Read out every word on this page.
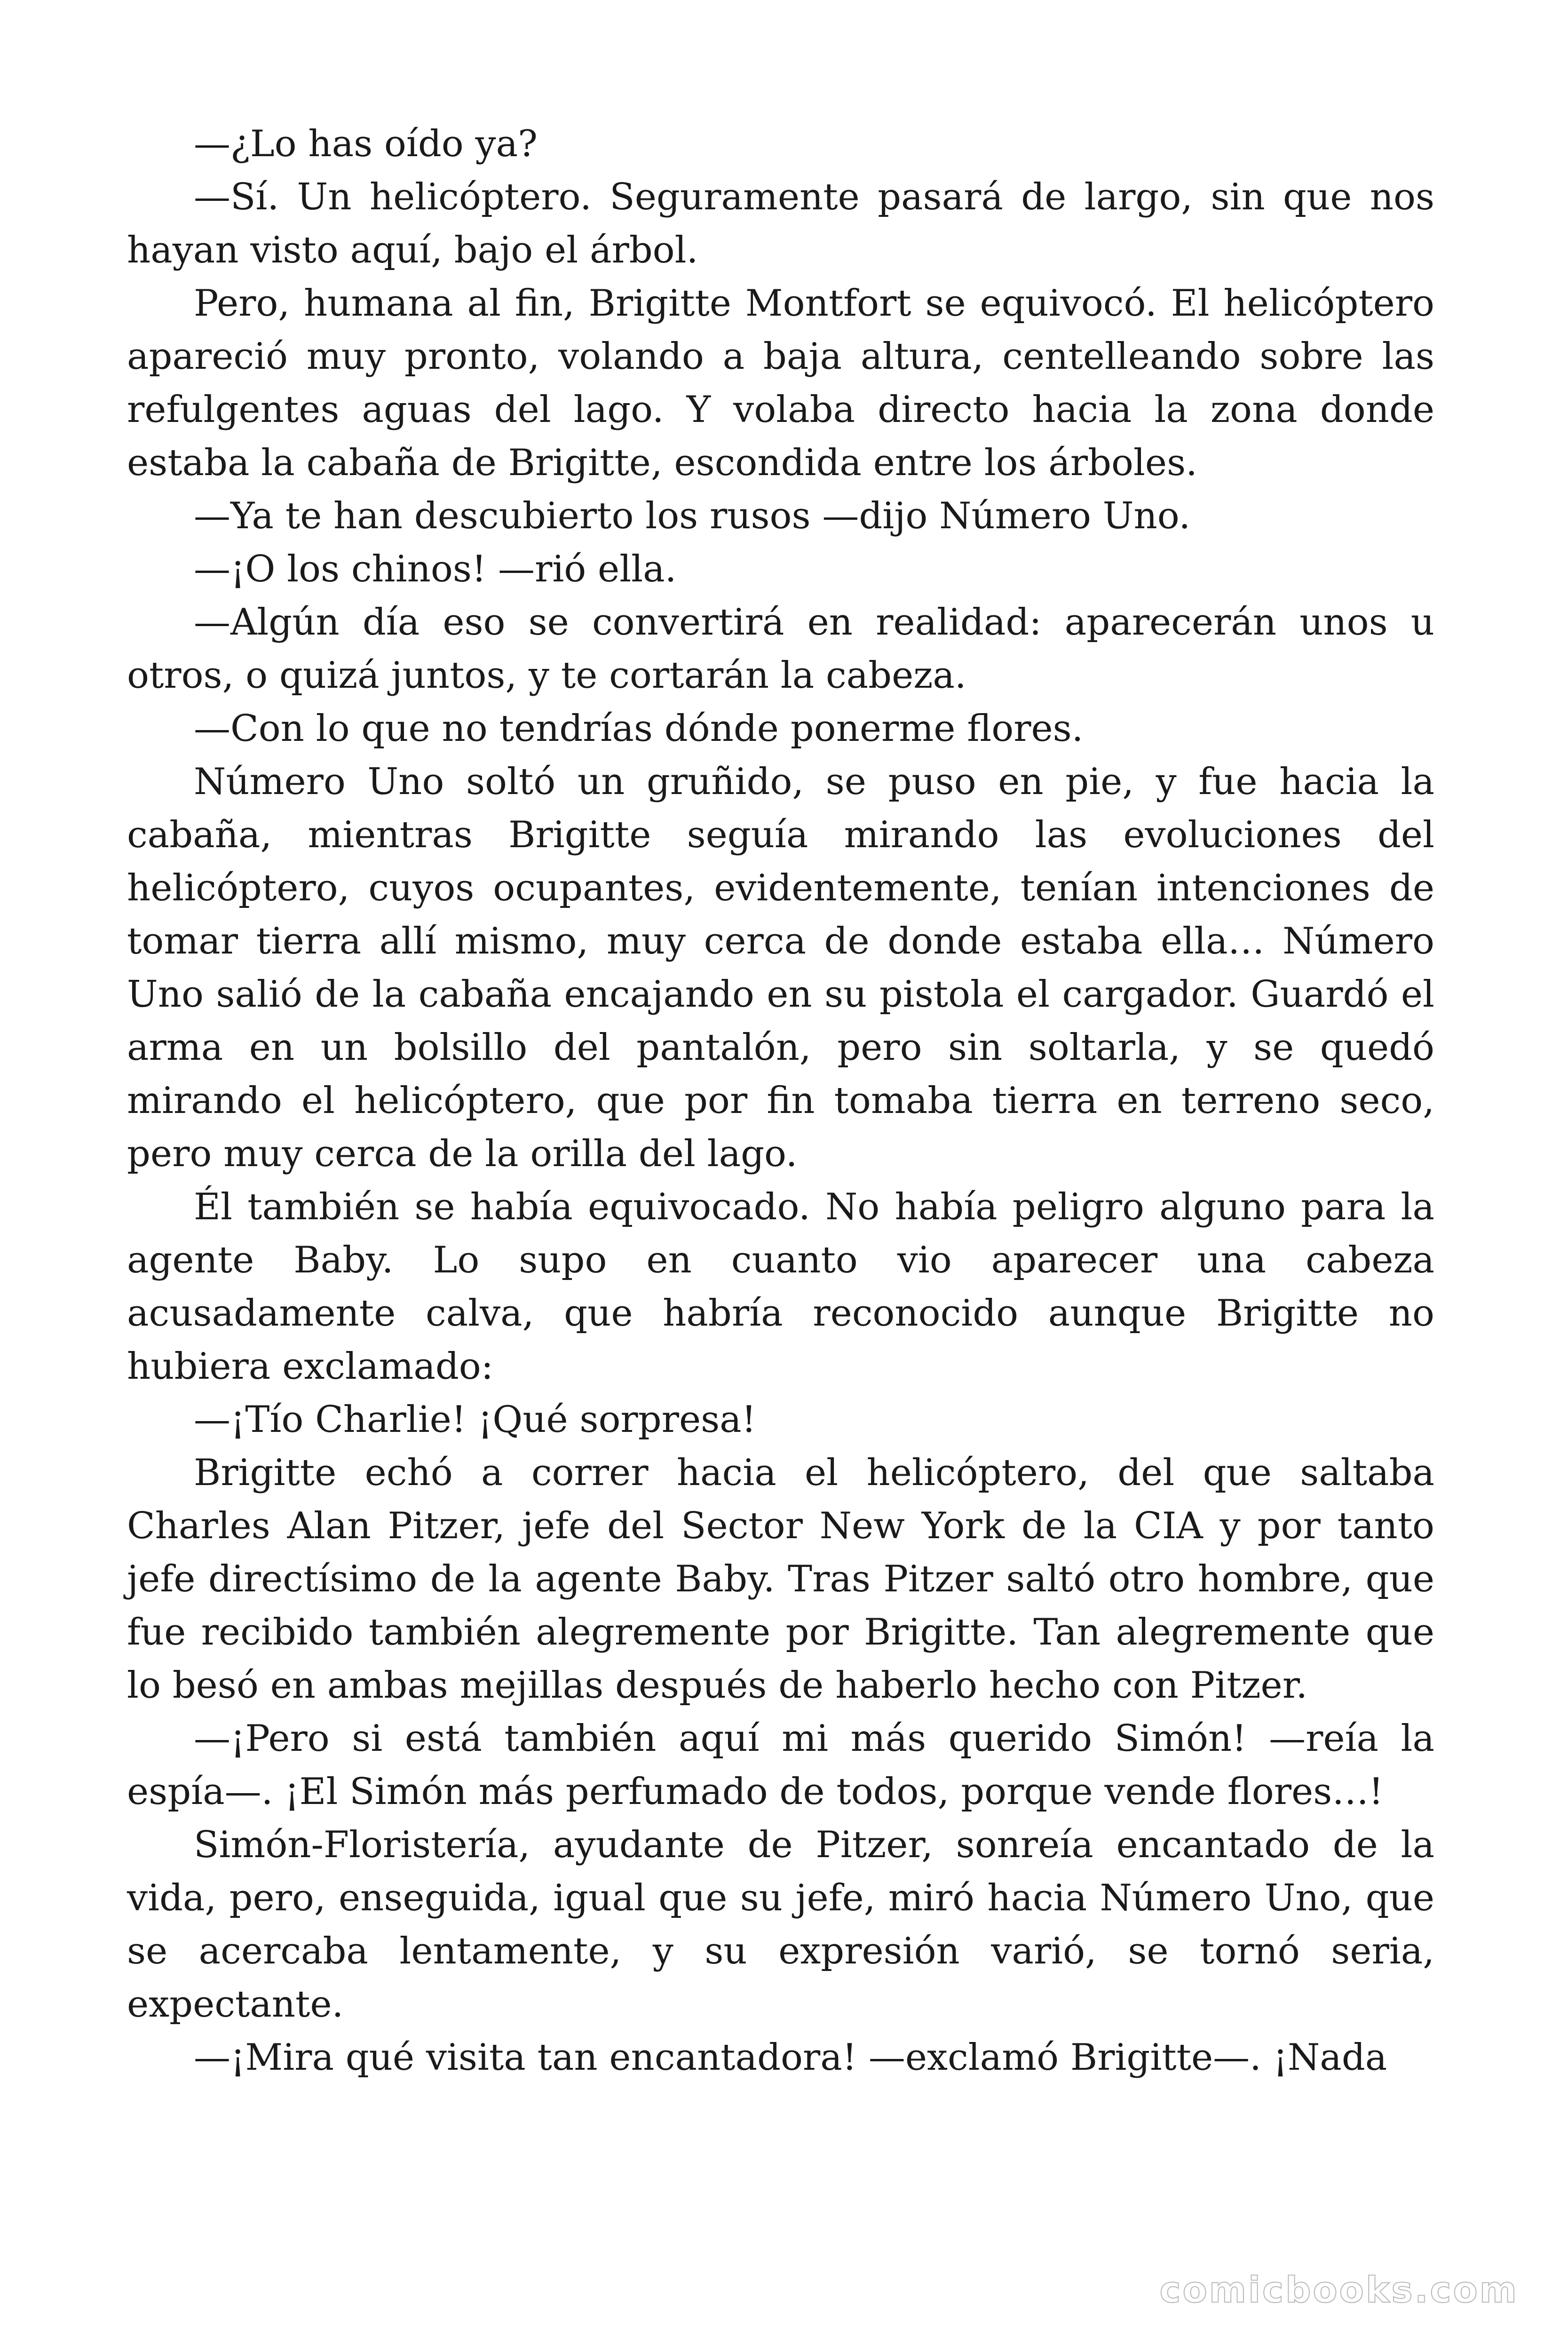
—¿Lo has oído ya?

—Sí. Un helicóptero. Seguramente pasará de largo, sin que nos hayan visto aquí, bajo el árbol.

Pero, humana al fin, Brigitte Montfort se equivocó. El helicóptero apareció muy pronto, volando a baja altura, centelleando sobre las refulgentes aguas del lago. Y volaba directo hacia la zona donde estaba la cabaña de Brigitte, escondida entre los árboles.

—Ya te han descubierto los rusos —dijo Número Uno.

—¡O los chinos! —rió ella.

—Algún día eso se convertirá en realidad: aparecerán unos u otros, o quizá juntos, y te cortarán la cabeza.

—Con lo que no tendrías dónde ponerme flores.

Número Uno soltó un gruñido, se puso en pie, y fue hacia la cabaña, mientras Brigitte seguía mirando las evoluciones del helicóptero, cuyos ocupantes, evidentemente, tenían intenciones de tomar tierra allí mismo, muy cerca de donde estaba ella… Número Uno salió de la cabaña encajando en su pistola el cargador. Guardó el arma en un bolsillo del pantalón, pero sin soltarla, y se quedó mirando el helicóptero, que por fin tomaba tierra en terreno seco, pero muy cerca de la orilla del lago.

Él también se había equivocado. No había peligro alguno para la agente Baby. Lo supo en cuanto vio aparecer una cabeza acusadamente calva, que habría reconocido aunque Brigitte no hubiera exclamado:

—¡Tío Charlie! ¡Qué sorpresa!

Brigitte echó a correr hacia el helicóptero, del que saltaba Charles Alan Pitzer, jefe del Sector New York de la CIA y por tanto jefe directísimo de la agente Baby. Tras Pitzer saltó otro hombre, que fue recibido también alegremente por Brigitte. Tan alegremente que lo besó en ambas mejillas después de haberlo hecho con Pitzer.

—¡Pero si está también aquí mi más querido Simón! —reía la espía—. ¡El Simón más perfumado de todos, porque vende flores…!

Simón-Floristería, ayudante de Pitzer, sonreía encantado de la vida, pero, enseguida, igual que su jefe, miró hacia Número Uno, que se acercaba lentamente, y su expresión varió, se tornó seria, expectante.

—¡Mira qué visita tan encantadora! —exclamó Brigitte—. ¡Nada

comicbooks.com
